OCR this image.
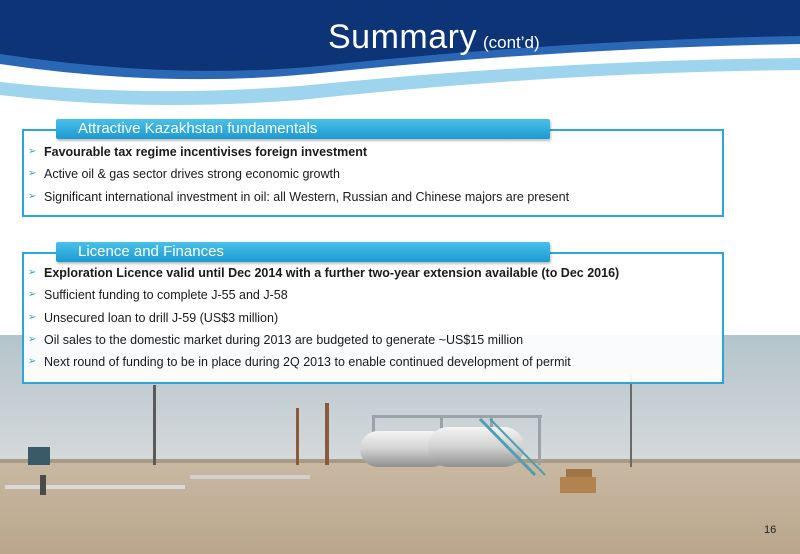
Summary (cont’d)
Attractive Kazakhstan fundamentals
➢ Favourable tax regime incentivises foreign investment
➢ Active oil & gas sector drives strong economic growth
➢ Significant international investment in oil: all Western, Russian and Chinese majors are present
Licence and Finances
➢ Exploration Licence valid until Dec 2014 with a further two-year extension available (to Dec 2016)
➢ Sufficient funding to complete J-55 and J-58
➢ Unsecured loan to drill J-59 (US$3 million)
➢ Oil sales to the domestic market during 2013 are budgeted to generate ~US$15 million
➢ Next round of funding to be in place during 2Q 2013 to enable continued development of permit
16
